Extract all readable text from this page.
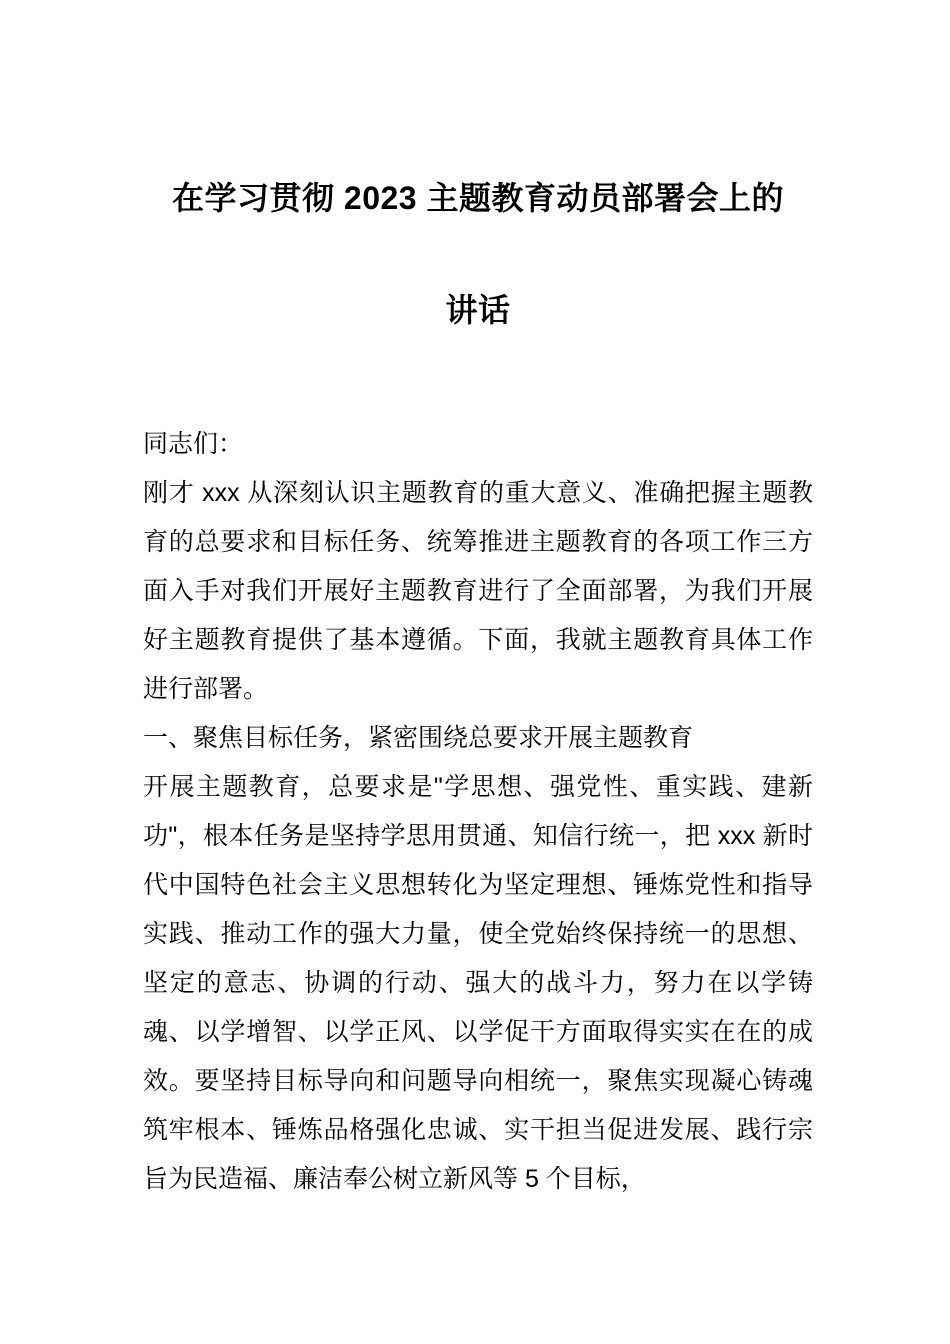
在学习贯彻 2023 主题教育动员部署会上的
讲话

同志们：

刚才 xxx 从深刻认识主题教育的重大意义、准确把握主题教育的总要求和目标任务、统筹推进主题教育的各项工作三方面入手对我们开展好主题教育进行了全面部署，为我们开展好主题教育提供了基本遵循。下面，我就主题教育具体工作进行部署。

一、聚焦目标任务，紧密围绕总要求开展主题教育

开展主题教育，总要求是"学思想、强党性、重实践、建新功"，根本任务是坚持学思用贯通、知信行统一，把 xxx 新时代中国特色社会主义思想转化为坚定理想、锤炼党性和指导实践、推动工作的强大力量，使全党始终保持统一的思想、坚定的意志、协调的行动、强大的战斗力，努力在以学铸魂、以学增智、以学正风、以学促干方面取得实实在在的成效。要坚持目标导向和问题导向相统一，聚焦实现凝心铸魂筑牢根本、锤炼品格强化忠诚、实干担当促进发展、践行宗旨为民造福、廉洁奉公树立新风等 5 个目标，
